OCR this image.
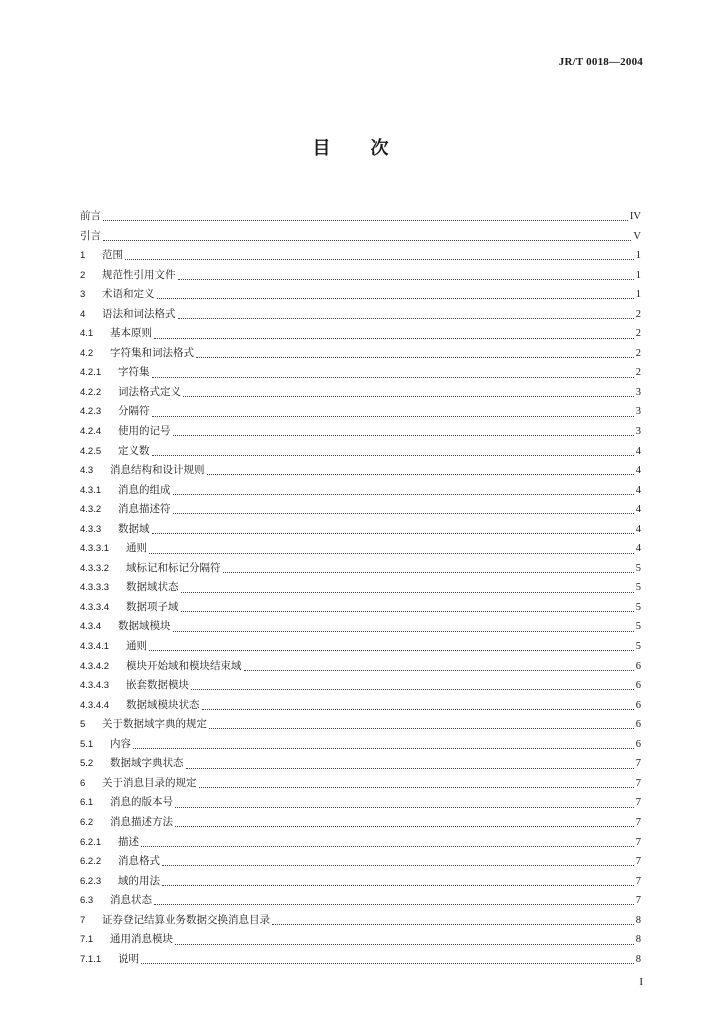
JR/T 0018—2004
目 次
前言	IV
引言	V
1	范围	1
2	规范性引用文件	1
3	术语和定义	1
4	语法和词法格式	2
4.1	基本原则	2
4.2	字符集和词法格式	2
4.2.1	字符集	2
4.2.2	词法格式定义	3
4.2.3	分隔符	3
4.2.4	使用的记号	3
4.2.5	定义数	4
4.3	消息结构和设计规则	4
4.3.1	消息的组成	4
4.3.2	消息描述符	4
4.3.3	数据域	4
4.3.3.1	通则	4
4.3.3.2	域标记和标记分隔符	5
4.3.3.3	数据域状态	5
4.3.3.4	数据项子域	5
4.3.4	数据域模块	5
4.3.4.1	通则	5
4.3.4.2	模块开始域和模块结束域	6
4.3.4.3	嵌套数据模块	6
4.3.4.4	数据域模块状态	6
5	关于数据域字典的规定	6
5.1	内容	6
5.2	数据域字典状态	7
6	关于消息目录的规定	7
6.1	消息的版本号	7
6.2	消息描述方法	7
6.2.1	描述	7
6.2.2	消息格式	7
6.2.3	域的用法	7
6.3	消息状态	7
7	证券登记结算业务数据交换消息目录	8
7.1	通用消息模块	8
7.1.1	说明	8
I
